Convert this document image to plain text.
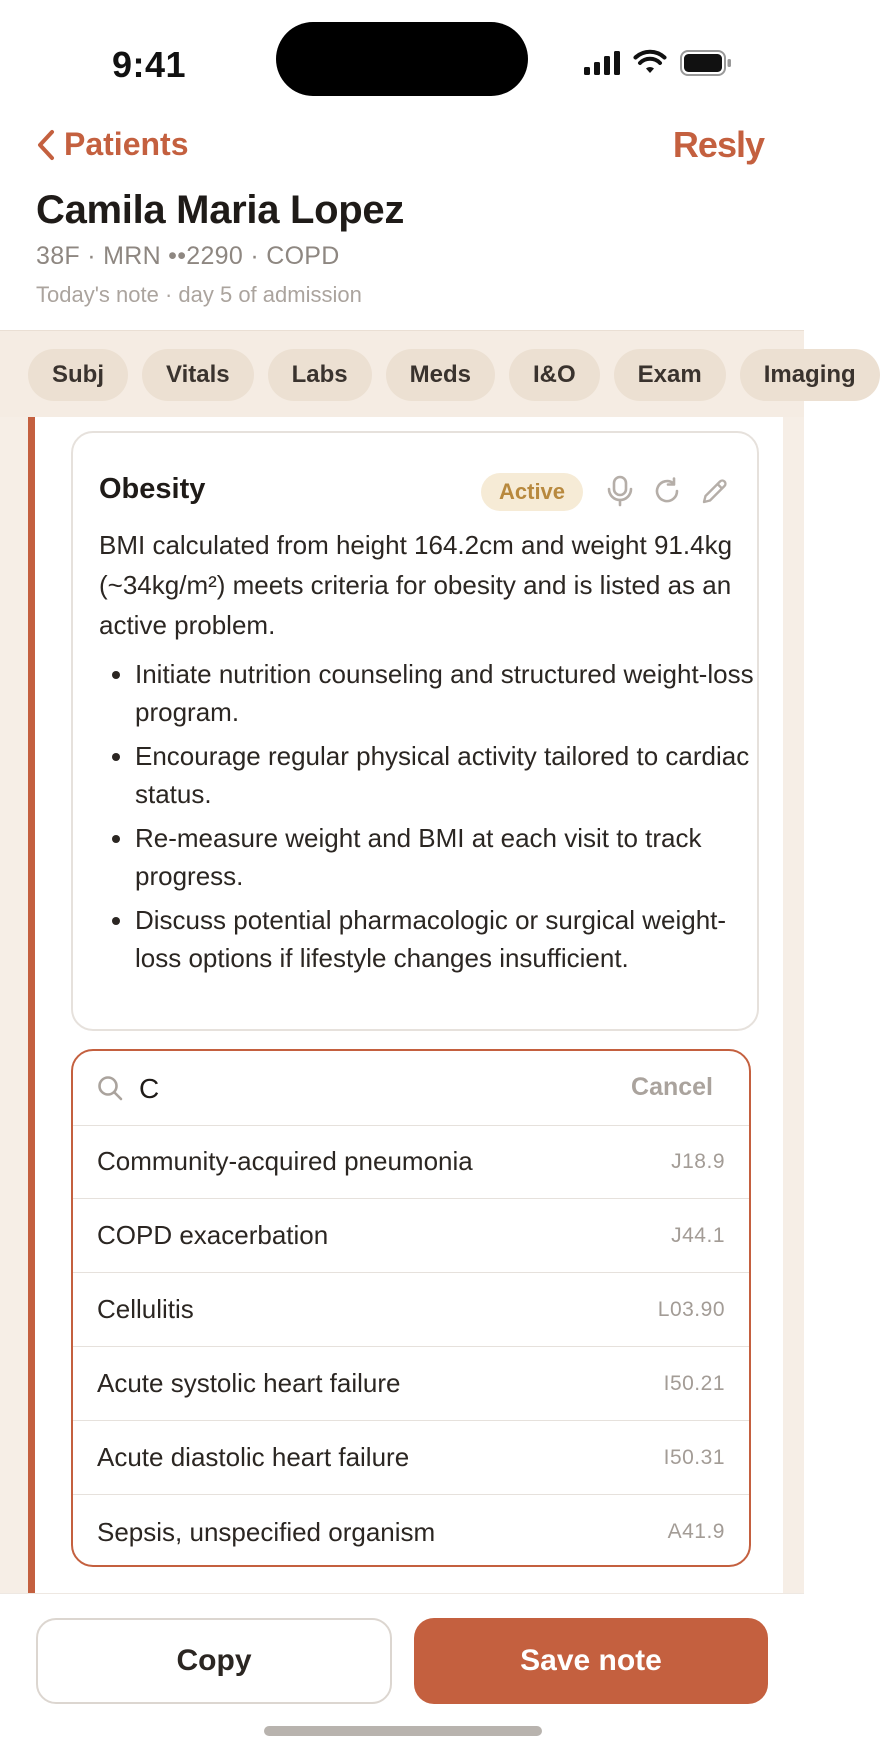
9:41
Patients	Resly
Camila Maria Lopez
38F · MRN ••2290 · COPD
Today's note · day 5 of admission
Subj	Vitals	Labs	Meds	I&O	Exam	Imaging
Obesity	Active
BMI calculated from height 164.2cm and weight 91.4kg (~34kg/m²) meets criteria for obesity and is listed as an active problem.
• Initiate nutrition counseling and structured weight-loss program.
• Encourage regular physical activity tailored to cardiac status.
• Re-measure weight and BMI at each visit to track progress.
• Discuss potential pharmacologic or surgical weight-loss options if lifestyle changes insufficient.
C
Cancel
Community-acquired pneumonia	J18.9
COPD exacerbation	J44.1
Cellulitis	L03.90
Acute systolic heart failure	I50.21
Acute diastolic heart failure	I50.31
Sepsis, unspecified organism	A41.9
Copy	Save note
